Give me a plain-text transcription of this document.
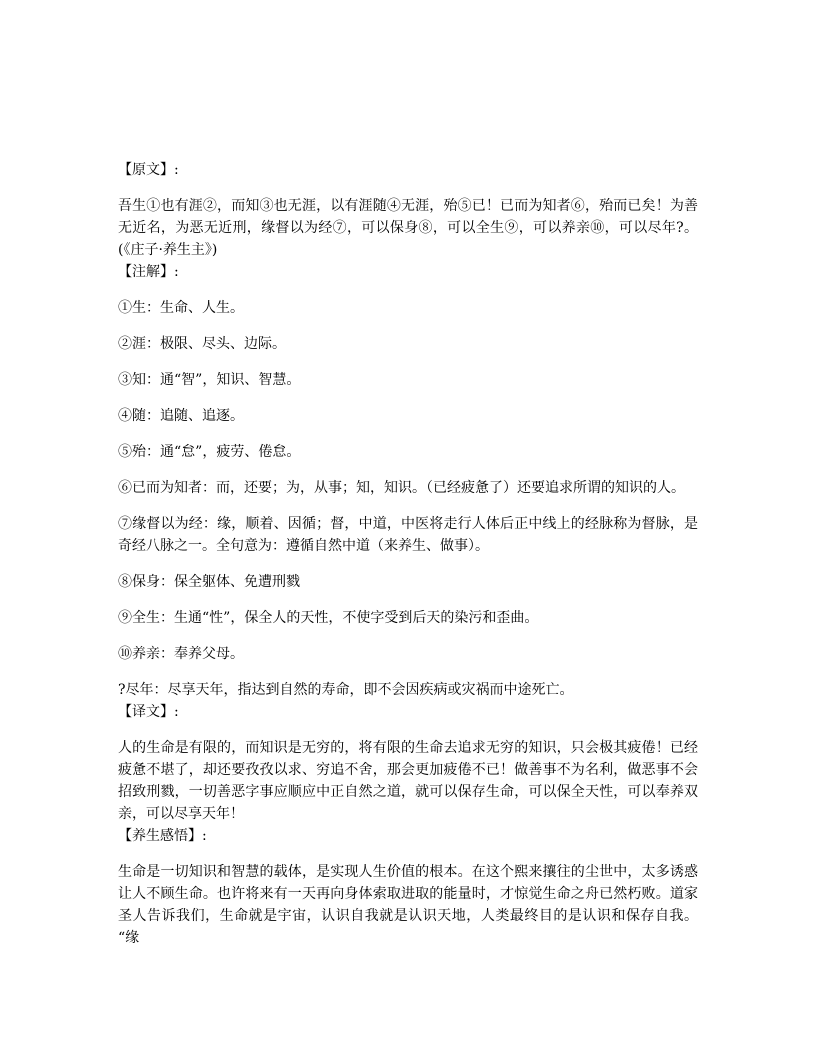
【原文】:

吾生①也有涯②，而知③也无涯，以有涯随④无涯，殆⑤已！已而为知者⑥，殆而已矣！为善无近名，为恶无近刑，缘督以为经⑦，可以保身⑧，可以全生⑨，可以养亲⑩，可以尽年?。(《庄子·养生主》)

【注解】:

①生：生命、人生。

②涯：极限、尽头、边际。

③知：通“智”，知识、智慧。

④随：追随、追逐。

⑤殆：通“怠”，疲劳、倦怠。

⑥已而为知者：而，还要；为，从事；知，知识。（已经疲惫了）还要追求所谓的知识的人。

⑦缘督以为经：缘，顺着、因循；督，中道，中医将走行人体后正中线上的经脉称为督脉，是奇经八脉之一。全句意为：遵循自然中道（来养生、做事）。

⑧保身：保全躯体、免遭刑戮

⑨全生：生通“性”，保全人的天性，不使字受到后天的染污和歪曲。

⑩养亲：奉养父母。

?尽年：尽享天年，指达到自然的寿命，即不会因疾病或灾祸而中途死亡。

【译文】:

人的生命是有限的，而知识是无穷的，将有限的生命去追求无穷的知识，只会极其疲倦！已经疲惫不堪了，却还要孜孜以求、穷追不舍，那会更加疲倦不已！做善事不为名利，做恶事不会招致刑戮，一切善恶字事应顺应中正自然之道，就可以保存生命，可以保全天性，可以奉养双亲，可以尽享天年！

【养生感悟】:

生命是一切知识和智慧的载体，是实现人生价值的根本。在这个熙来攘往的尘世中，太多诱惑让人不顾生命。也许将来有一天再向身体索取进取的能量时，才惊觉生命之舟已然朽败。道家圣人告诉我们，生命就是宇宙，认识自我就是认识天地，人类最终目的是认识和保存自我。“缘
